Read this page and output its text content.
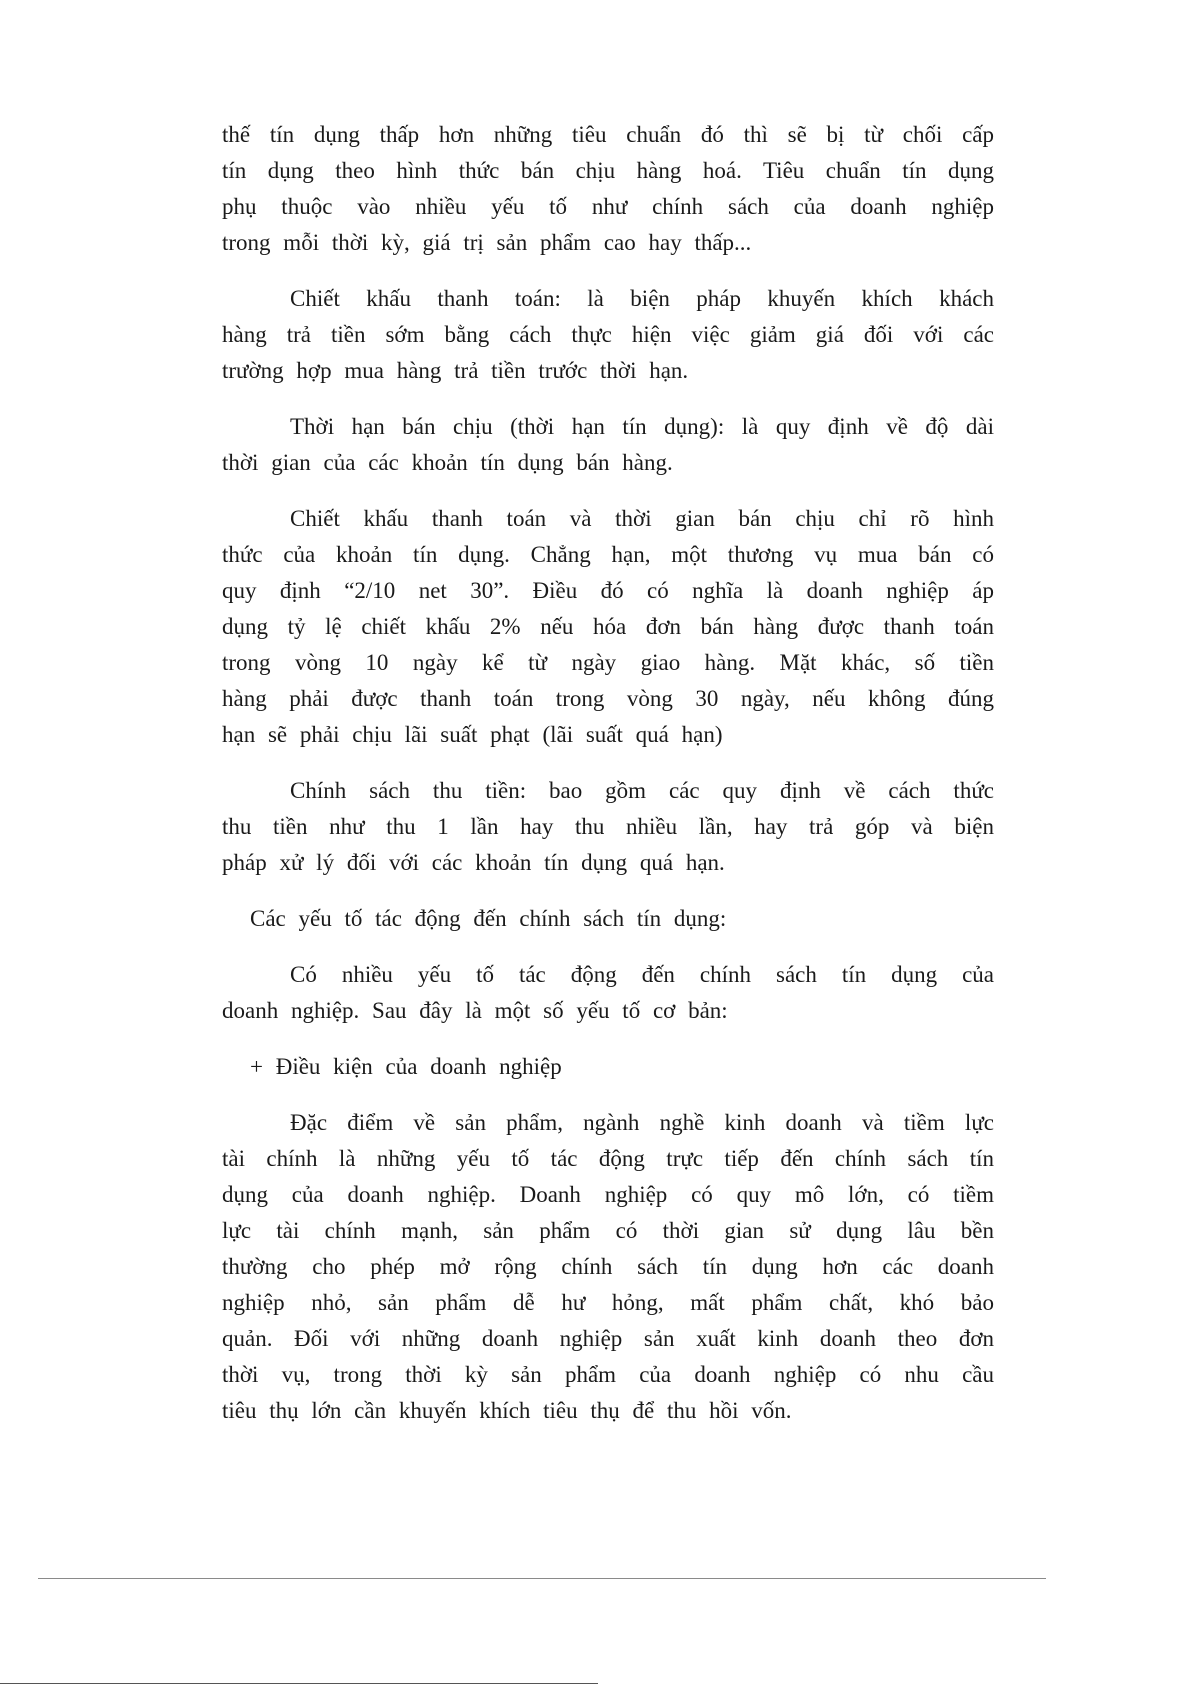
thế tín dụng thấp hơn những tiêu chuẩn đó thì sẽ bị từ chối cấp
tín dụng theo hình thức bán chịu hàng hoá. Tiêu chuẩn tín dụng
phụ thuộc vào nhiều yếu tố như chính sách của doanh nghiệp
trong mỗi thời kỳ, giá trị sản phẩm cao hay thấp...
Chiết khấu thanh toán: là biện pháp khuyến khích khách
hàng trả tiền sớm bằng cách thực hiện việc giảm giá đối với các
trường hợp mua hàng trả tiền trước thời hạn.
Thời hạn bán chịu (thời hạn tín dụng): là quy định về độ dài
thời gian của các khoản tín dụng bán hàng.
Chiết khấu thanh toán và thời gian bán chịu chỉ rõ hình
thức của khoản tín dụng. Chẳng hạn, một thương vụ mua bán có
quy định “2/10 net 30”. Điều đó có nghĩa là doanh nghiệp áp
dụng tỷ lệ chiết khấu 2% nếu hóa đơn bán hàng được thanh toán
trong vòng 10 ngày kể từ ngày giao hàng. Mặt khác, số tiền
hàng phải được thanh toán trong vòng 30 ngày, nếu không đúng
hạn sẽ phải chịu lãi suất phạt (lãi suất quá hạn)
Chính sách thu tiền: bao gồm các quy định về cách thức
thu tiền như thu 1 lần hay thu nhiều lần, hay trả góp và biện
pháp xử lý đối với các khoản tín dụng quá hạn.
Các yếu tố tác động đến chính sách tín dụng:
Có nhiều yếu tố tác động đến chính sách tín dụng của
doanh nghiệp. Sau đây là một số yếu tố cơ bản:
+ Điều kiện của doanh nghiệp
Đặc điểm về sản phẩm, ngành nghề kinh doanh và tiềm lực
tài chính là những yếu tố tác động trực tiếp đến chính sách tín
dụng của doanh nghiệp. Doanh nghiệp có quy mô lớn, có tiềm
lực tài chính mạnh, sản phẩm có thời gian sử dụng lâu bền
thường cho phép mở rộng chính sách tín dụng hơn các doanh
nghiệp nhỏ, sản phẩm dễ hư hỏng, mất phẩm chất, khó bảo
quản. Đối với những doanh nghiệp sản xuất kinh doanh theo đơn
thời vụ, trong thời kỳ sản phẩm của doanh nghiệp có nhu cầu
tiêu thụ lớn cần khuyến khích tiêu thụ để thu hồi vốn.
